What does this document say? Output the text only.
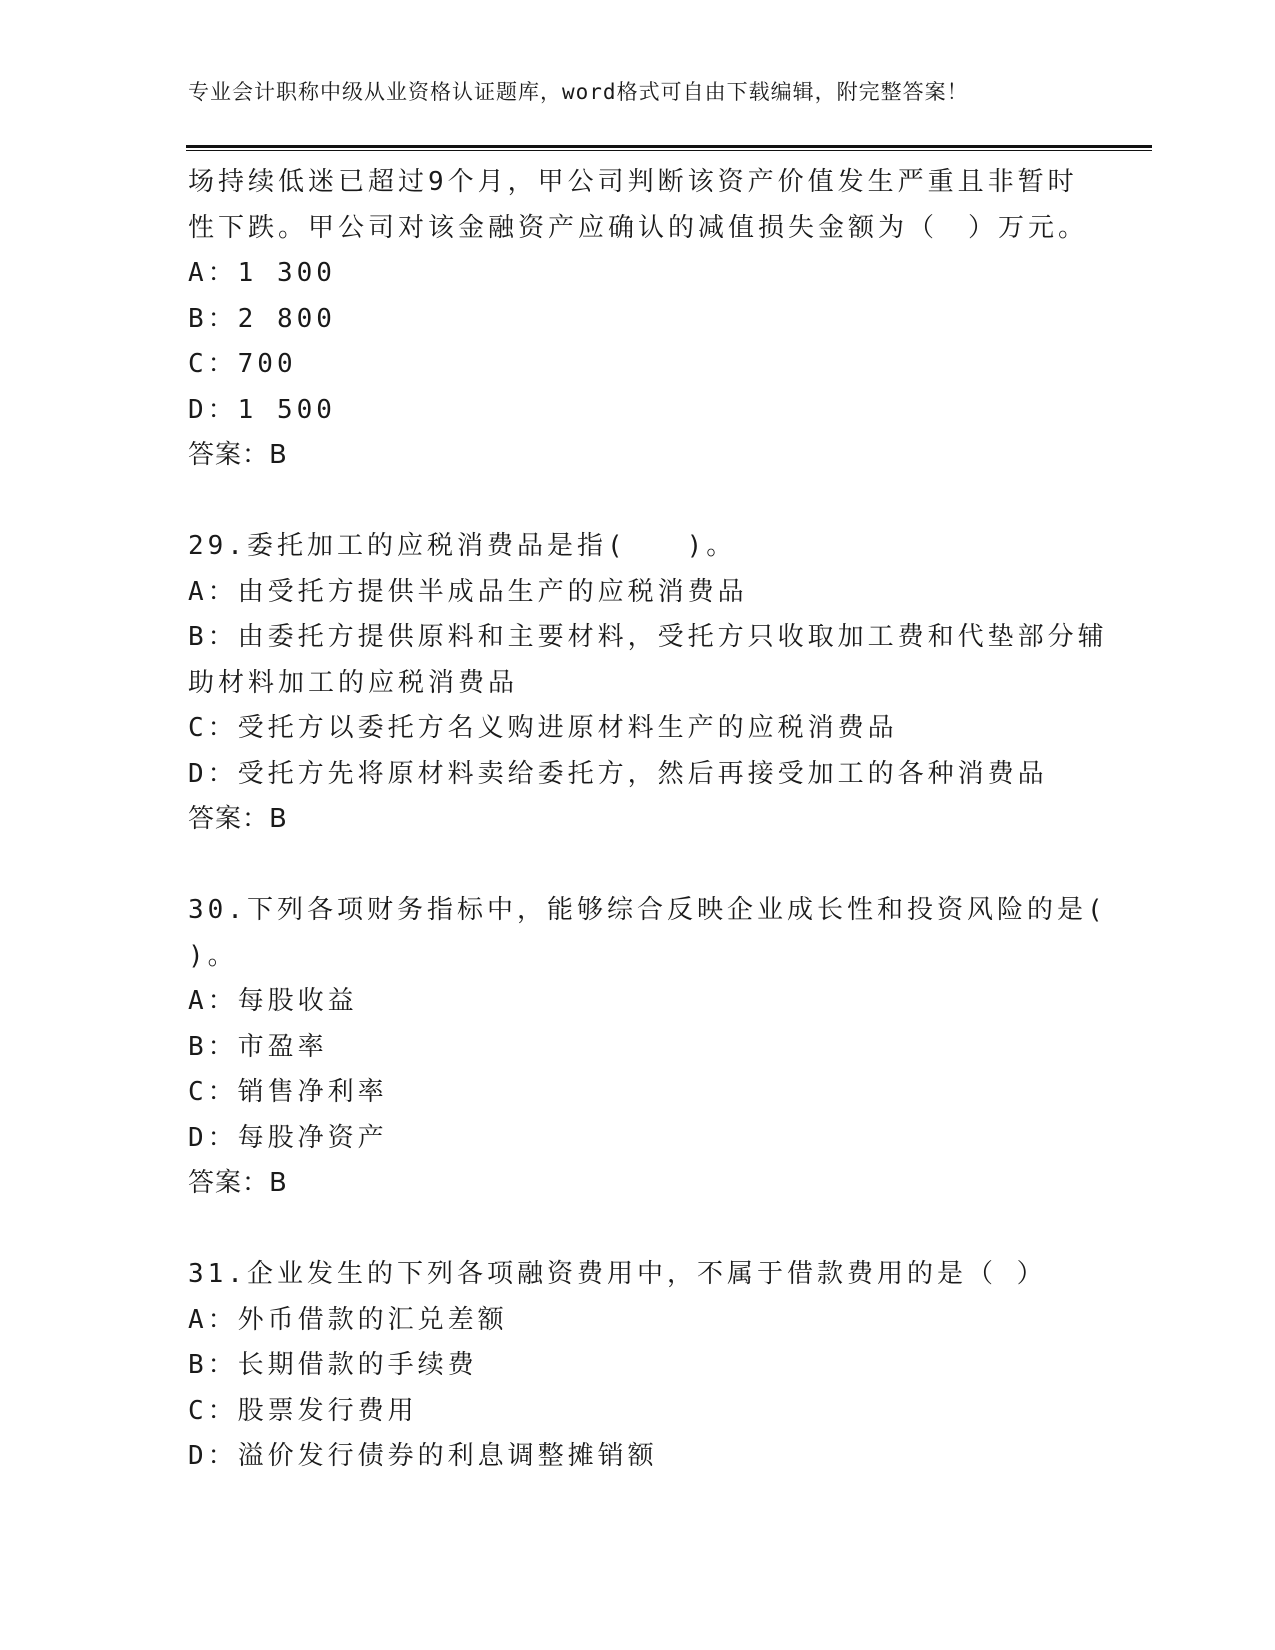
专业会计职称中级从业资格认证题库，word格式可自由下载编辑，附完整答案！
场持续低迷已超过9个月，甲公司判断该资产价值发生严重且非暂时
性下跌。甲公司对该金融资产应确认的减值损失金额为（　）万元。
A：1 300
B：2 800
C：700
D：1 500
答案：B
29.委托加工的应税消费品是指(　　)。
A：由受托方提供半成品生产的应税消费品
B：由委托方提供原料和主要材料，受托方只收取加工费和代垫部分辅
助材料加工的应税消费品
C：受托方以委托方名义购进原材料生产的应税消费品
D：受托方先将原材料卖给委托方，然后再接受加工的各种消费品
答案：B
30.下列各项财务指标中，能够综合反映企业成长性和投资风险的是(
)。
A：每股收益
B：市盈率
C：销售净利率
D：每股净资产
答案：B
31.企业发生的下列各项融资费用中，不属于借款费用的是（ ）
A：外币借款的汇兑差额
B：长期借款的手续费
C：股票发行费用
D：溢价发行债券的利息调整摊销额
